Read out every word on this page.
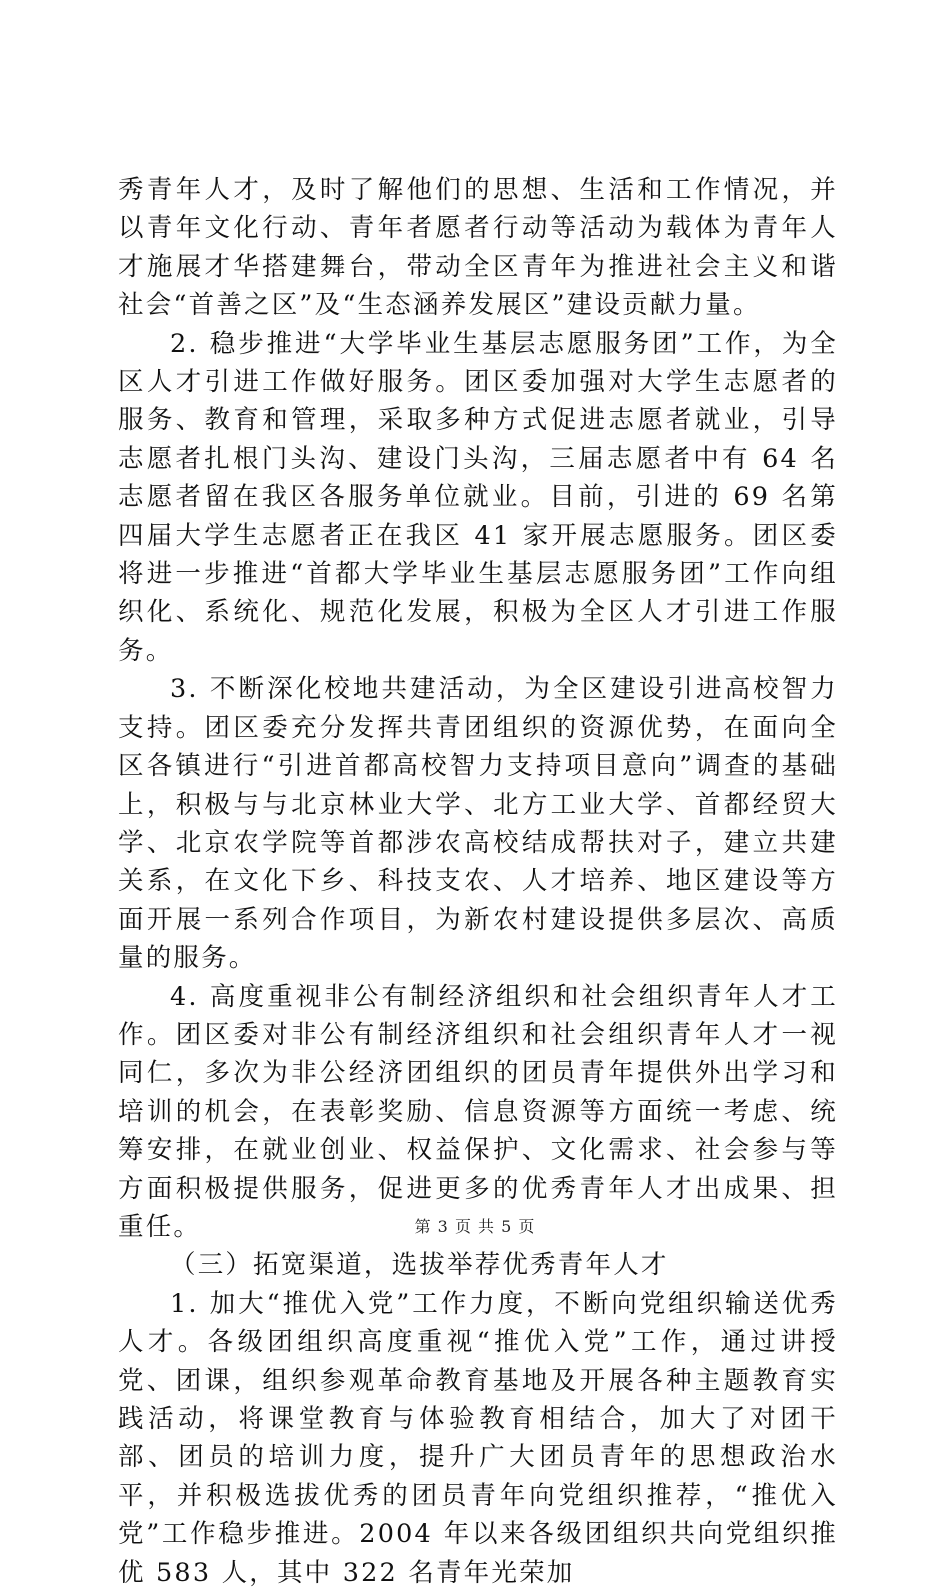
秀青年人才，及时了解他们的思想、生活和工作情况，并以青年文化行动、青年者愿者行动等活动为载体为青年人才施展才华搭建舞台，带动全区青年为推进社会主义和谐社会“首善之区”及“生态涵养发展区”建设贡献力量。

2. 稳步推进“大学毕业生基层志愿服务团”工作，为全区人才引进工作做好服务。团区委加强对大学生志愿者的服务、教育和管理，采取多种方式促进志愿者就业，引导志愿者扎根门头沟、建设门头沟，三届志愿者中有 64 名志愿者留在我区各服务单位就业。目前，引进的 69 名第四届大学生志愿者正在我区 41 家开展志愿服务。团区委将进一步推进“首都大学毕业生基层志愿服务团”工作向组织化、系统化、规范化发展，积极为全区人才引进工作服务。

3. 不断深化校地共建活动，为全区建设引进高校智力支持。团区委充分发挥共青团组织的资源优势，在面向全区各镇进行“引进首都高校智力支持项目意向”调查的基础上，积极与与北京林业大学、北方工业大学、首都经贸大学、北京农学院等首都涉农高校结成帮扶对子，建立共建关系，在文化下乡、科技支农、人才培养、地区建设等方面开展一系列合作项目，为新农村建设提供多层次、高质量的服务。

4. 高度重视非公有制经济组织和社会组织青年人才工作。团区委对非公有制经济组织和社会组织青年人才一视同仁，多次为非公经济团组织的团员青年提供外出学习和培训的机会，在表彰奖励、信息资源等方面统一考虑、统筹安排，在就业创业、权益保护、文化需求、社会参与等方面积极提供服务，促进更多的优秀青年人才出成果、担重任。

（三）拓宽渠道，选拔举荐优秀青年人才

1. 加大“推优入党”工作力度，不断向党组织输送优秀人才。各级团组织高度重视“推优入党”工作，通过讲授党、团课，组织参观革命教育基地及开展各种主题教育实践活动，将课堂教育与体验教育相结合，加大了对团干部、团员的培训力度，提升广大团员青年的思想政治水平，并积极选拔优秀的团员青年向党组织推荐，“推优入党”工作稳步推进。2004 年以来各级团组织共向党组织推优 583 人，其中 322 名青年光荣加

第 3 页 共 5 页
